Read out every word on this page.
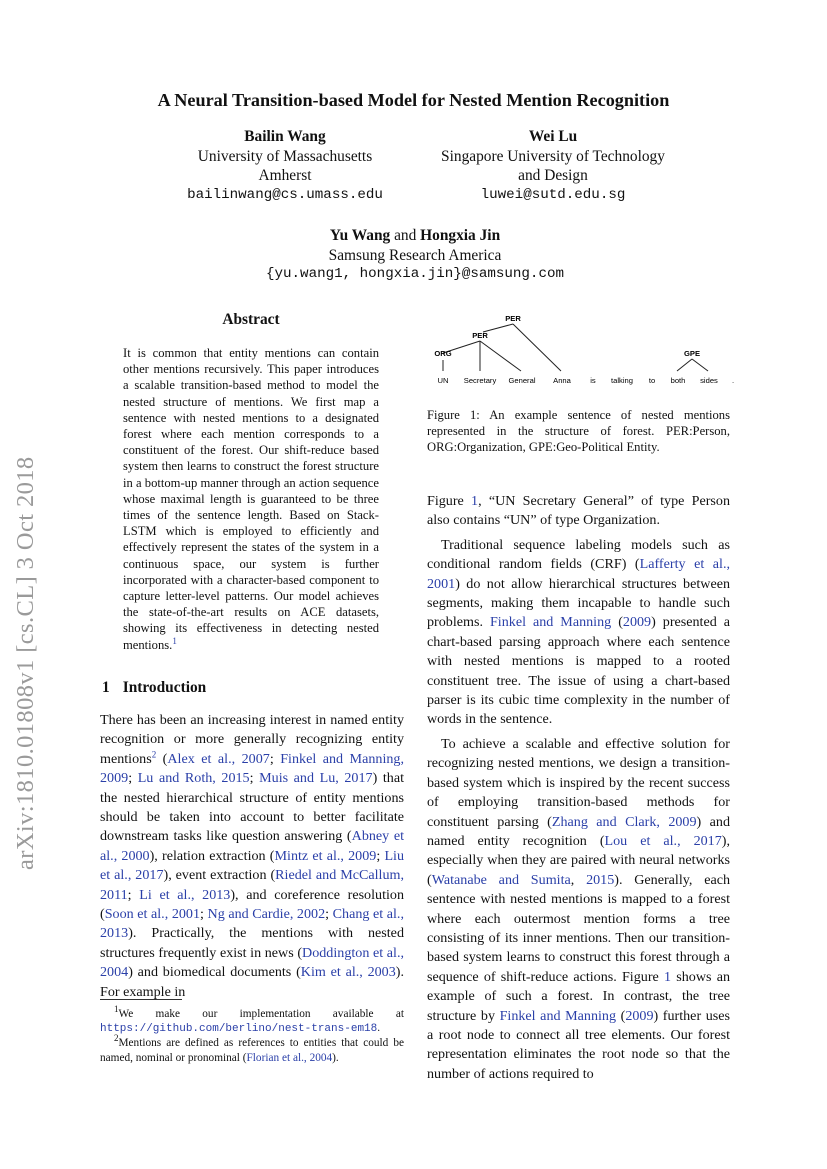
A Neural Transition-based Model for Nested Mention Recognition
Bailin Wang
University of Massachusetts
Amherst
bailinwang@cs.umass.edu
Wei Lu
Singapore University of Technology
and Design
luwei@sutd.edu.sg
Yu Wang and Hongxia Jin
Samsung Research America
{yu.wang1, hongxia.jin}@samsung.com
arXiv:1810.01808v1 [cs.CL] 3 Oct 2018
Abstract
It is common that entity mentions can contain other mentions recursively. This paper introduces a scalable transition-based method to model the nested structure of mentions. We first map a sentence with nested mentions to a designated forest where each mention corresponds to a constituent of the forest. Our shift-reduce based system then learns to construct the forest structure in a bottom-up manner through an action sequence whose maximal length is guaranteed to be three times of the sentence length. Based on Stack-LSTM which is employed to efficiently and effectively represent the states of the system in a continuous space, our system is further incorporated with a character-based component to capture letter-level patterns. Our model achieves the state-of-the-art results on ACE datasets, showing its effectiveness in detecting nested mentions.$^1$
1 Introduction
There has been an increasing interest in named entity recognition or more generally recognizing entity mentions$^2$ (Alex et al., 2007; Finkel and Manning, 2009; Lu and Roth, 2015; Muis and Lu, 2017) that the nested hierarchical structure of entity mentions should be taken into account to better facilitate downstream tasks like question answering (Abney et al., 2000), relation extraction (Mintz et al., 2009; Liu et al., 2017), event extraction (Riedel and McCallum, 2011; Li et al., 2013), and coreference resolution (Soon et al., 2001; Ng and Cardie, 2002; Chang et al., 2013). Practically, the mentions with nested structures frequently exist in news (Doddington et al., 2004) and biomedical documents (Kim et al., 2003). For example in

$^1$We make our implementation available at https://github.com/berlino/nest-trans-em18.

$^2$Mentions are defined as references to entities that could be named, nominal or pronominal (Florian et al., 2004).

PER
PER
ORG	GPE
UN Secretary General Anna	is talking to both sides .
Figure 1: An example sentence of nested mentions represented in the structure of forest. PER:Person, ORG:Organization, GPE:Geo-Political Entity.

Figure 1, “UN Secretary General” of type Person also contains “UN” of type Organization.

Traditional sequence labeling models such as conditional random fields (CRF) (Lafferty et al., 2001) do not allow hierarchical structures between segments, making them incapable to handle such problems. Finkel and Manning (2009) presented a chart-based parsing approach where each sentence with nested mentions is mapped to a rooted constituent tree. The issue of using a chart-based parser is its cubic time complexity in the number of words in the sentence.

To achieve a scalable and effective solution for recognizing nested mentions, we design a transition-based system which is inspired by the recent success of employing transition-based methods for constituent parsing (Zhang and Clark, 2009) and named entity recognition (Lou et al., 2017), especially when they are paired with neural networks (Watanabe and Sumita, 2015). Generally, each sentence with nested mentions is mapped to a forest where each outermost mention forms a tree consisting of its inner mentions. Then our transition-based system learns to construct this forest through a sequence of shift-reduce actions. Figure 1 shows an example of such a forest. In contrast, the tree structure by Finkel and Manning (2009) further uses a root node to connect all tree elements. Our forest representation eliminates the root node so that the number of actions required to
